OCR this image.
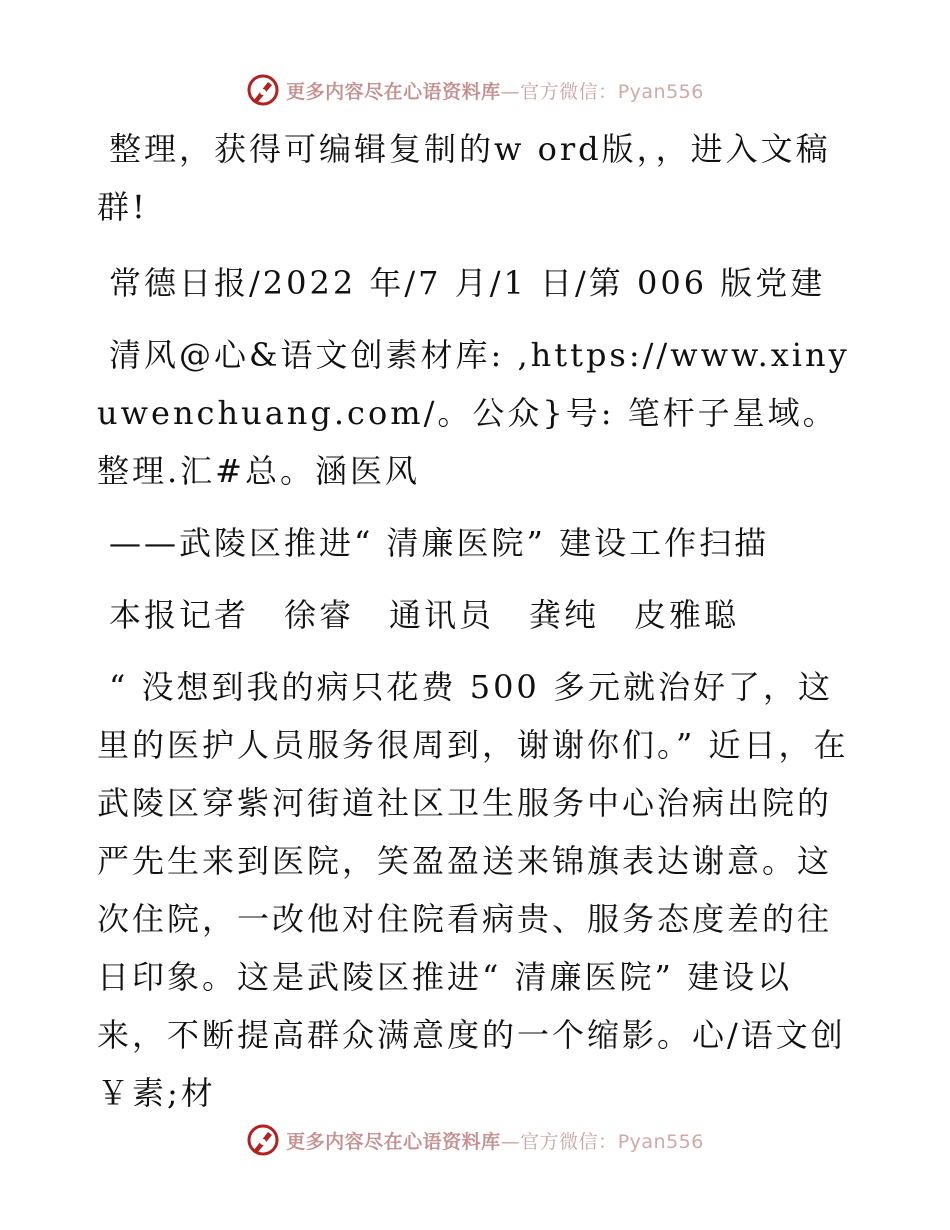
更多内容尽在心语资料库—官方微信：Pyan556

整理，获得可编辑复制的w ord版，，进入文稿群!

常德日报/2022 年/7 月/1 日/第 006 版党建

清风@心&语文创素材库: ,https://www.xinyuwenchuang.com/。公众}号: 笔杆子星域。整理.汇#总。涵医风

——武陵区推进“ 清廉医院” 建设工作扫描

本报记者　徐睿　通讯员　龚纯　皮雅聪

“ 没想到我的病只花费 500 多元就治好了，这里的医护人员服务很周到，谢谢你们。” 近日，在武陵区穿紫河街道社区卫生服务中心治病出院的严先生来到医院，笑盈盈送来锦旗表达谢意。这次住院，一改他对住院看病贵、服务态度差的往日印象。这是武陵区推进“ 清廉医院” 建设以来，不断提高群众满意度的一个缩影。心/语文创￥素;材

更多内容尽在心语资料库—官方微信：Pyan556
